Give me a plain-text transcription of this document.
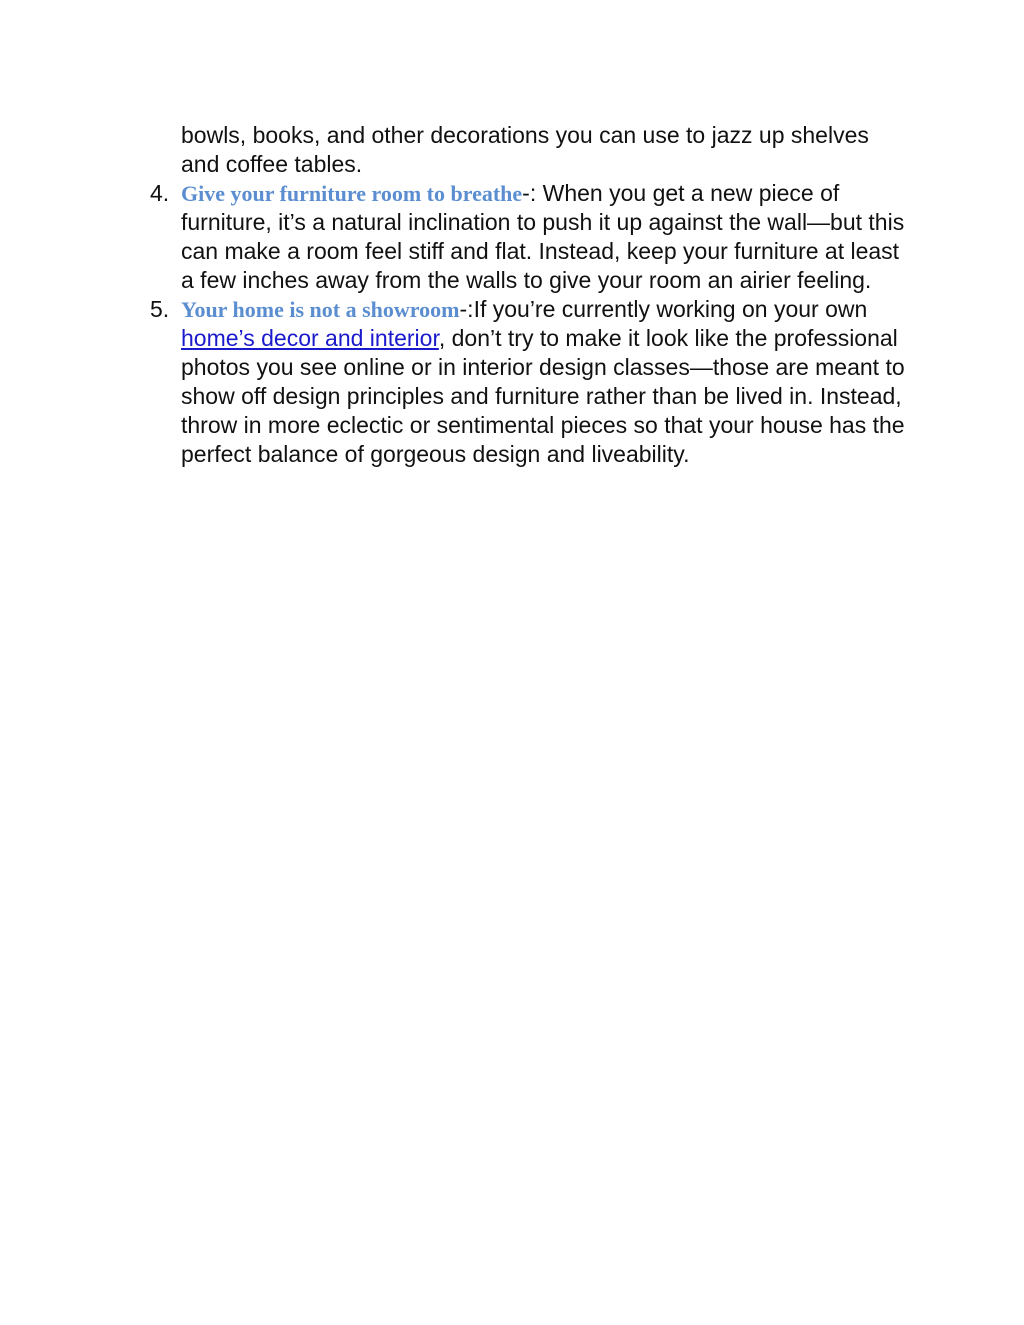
bowls, books, and other decorations you can use to jazz up shelves and coffee tables.

4. Give your furniture room to breathe-: When you get a new piece of furniture, it’s a natural inclination to push it up against the wall—but this can make a room feel stiff and flat. Instead, keep your furniture at least a few inches away from the walls to give your room an airier feeling.

5. Your home is not a showroom-:If you’re currently working on your own home’s decor and interior, don’t try to make it look like the professional photos you see online or in interior design classes—those are meant to show off design principles and furniture rather than be lived in. Instead, throw in more eclectic or sentimental pieces so that your house has the perfect balance of gorgeous design and liveability.
